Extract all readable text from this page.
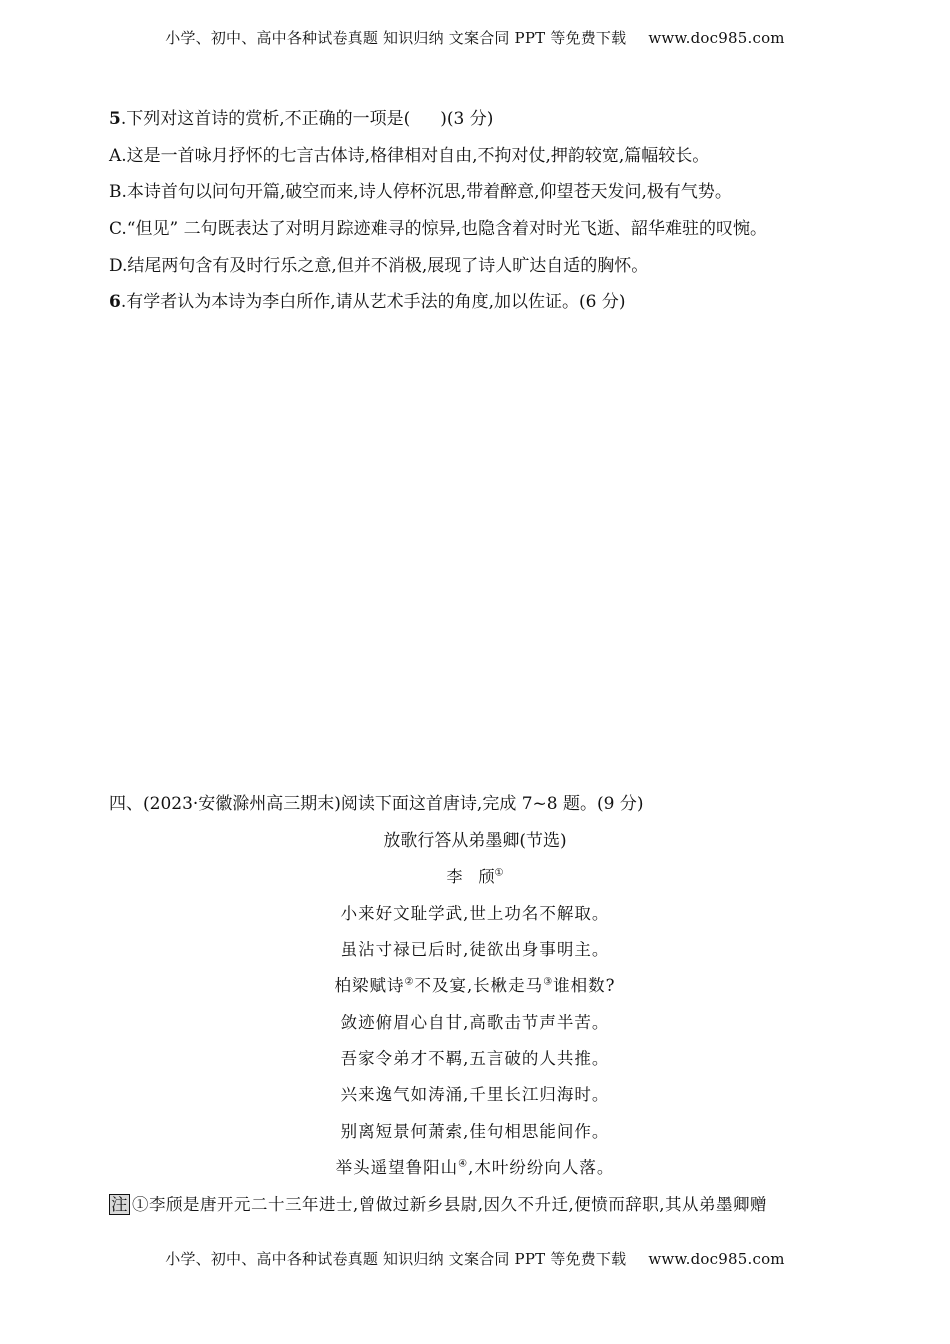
小学、初中、高中各种试卷真题 知识归纳 文案合同 PPT 等免费下载 www.doc985.com
5.下列对这首诗的赏析,不正确的一项是( )(3 分)
A.这是一首咏月抒怀的七言古体诗,格律相对自由,不拘对仗,押韵较宽,篇幅较长。
B.本诗首句以问句开篇,破空而来,诗人停杯沉思,带着醉意,仰望苍天发问,极有气势。
C.“但见” 二句既表达了对明月踪迹难寻的惊异,也隐含着对时光飞逝、韶华难驻的叹惋。
D.结尾两句含有及时行乐之意,但并不消极,展现了诗人旷达自适的胸怀。
6.有学者认为本诗为李白所作,请从艺术手法的角度,加以佐证。(6 分)
四、(2023·安徽滁州高三期末)阅读下面这首唐诗,完成 7~8 题。(9 分)
放歌行答从弟墨卿(节选)
李　颀①
小来好文耻学武,世上功名不解取。
虽沾寸禄已后时,徒欲出身事明主。
柏梁赋诗②不及宴,长楸走马③谁相数?
敛迹俯眉心自甘,高歌击节声半苦。
吾家令弟才不羁,五言破的人共推。
兴来逸气如涛涌,千里长江归海时。
别离短景何萧索,佳句相思能间作。
举头遥望鲁阳山④,木叶纷纷向人落。
注 ①李颀是唐开元二十三年进士,曾做过新乡县尉,因久不升迁,便愤而辞职,其从弟墨卿赠
小学、初中、高中各种试卷真题 知识归纳 文案合同 PPT 等免费下载 www.doc985.com
